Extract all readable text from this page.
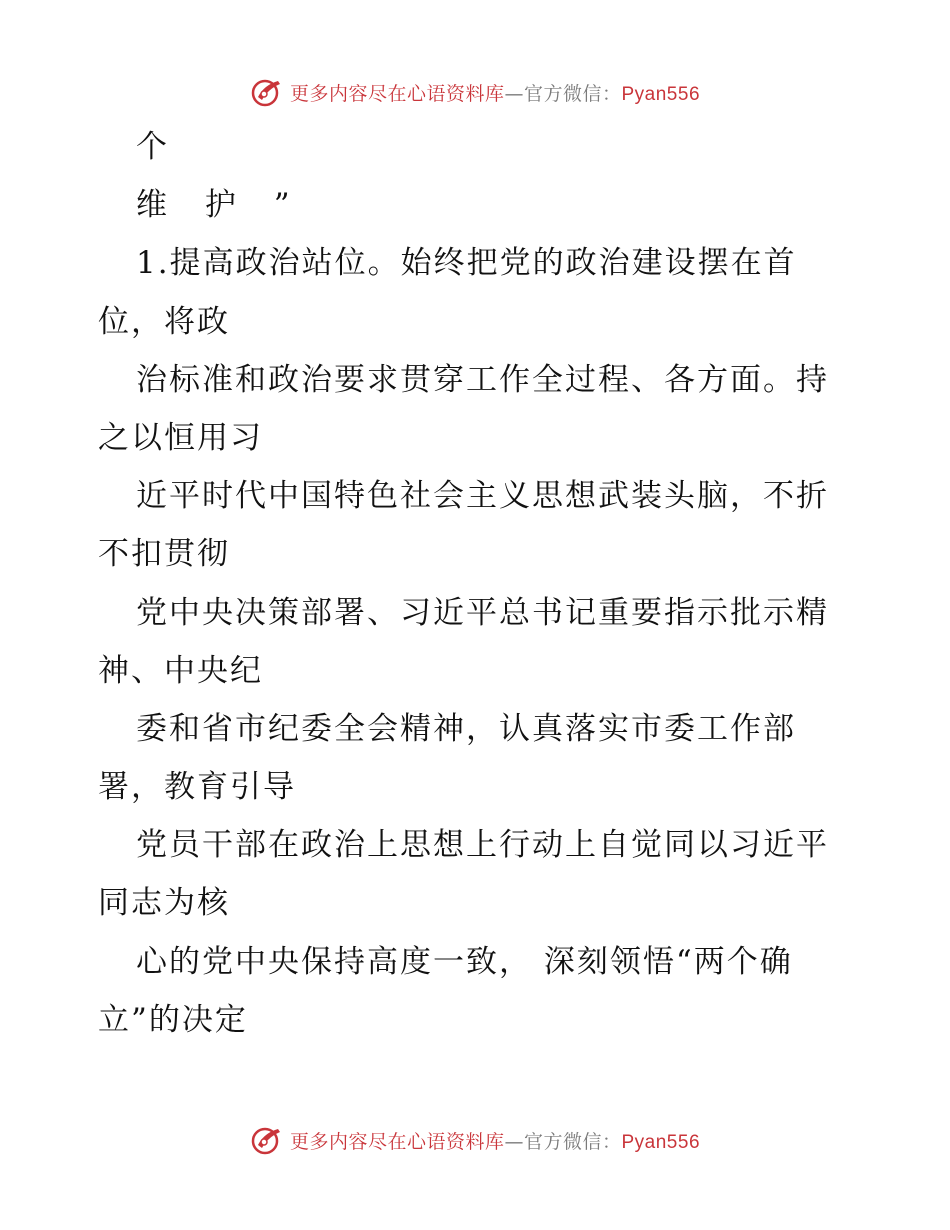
更多内容尽在心语资料库—官方微信：Pyan556
个
维 护 ”
1.提高政治站位。始终把党的政治建设摆在首
位，将政
治标准和政治要求贯穿工作全过程、各方面。持
之以恒用习
近平时代中国特色社会主义思想武装头脑，不折
不扣贯彻
党中央决策部署、习近平总书记重要指示批示精
神、中央纪
委和省市纪委全会精神，认真落实市委工作部
署，教育引导
党员干部在政治上思想上行动上自觉同以习近平
同志为核
心的党中央保持高度一致， 深刻领悟“两个确
立”的决定
更多内容尽在心语资料库—官方微信：Pyan556
